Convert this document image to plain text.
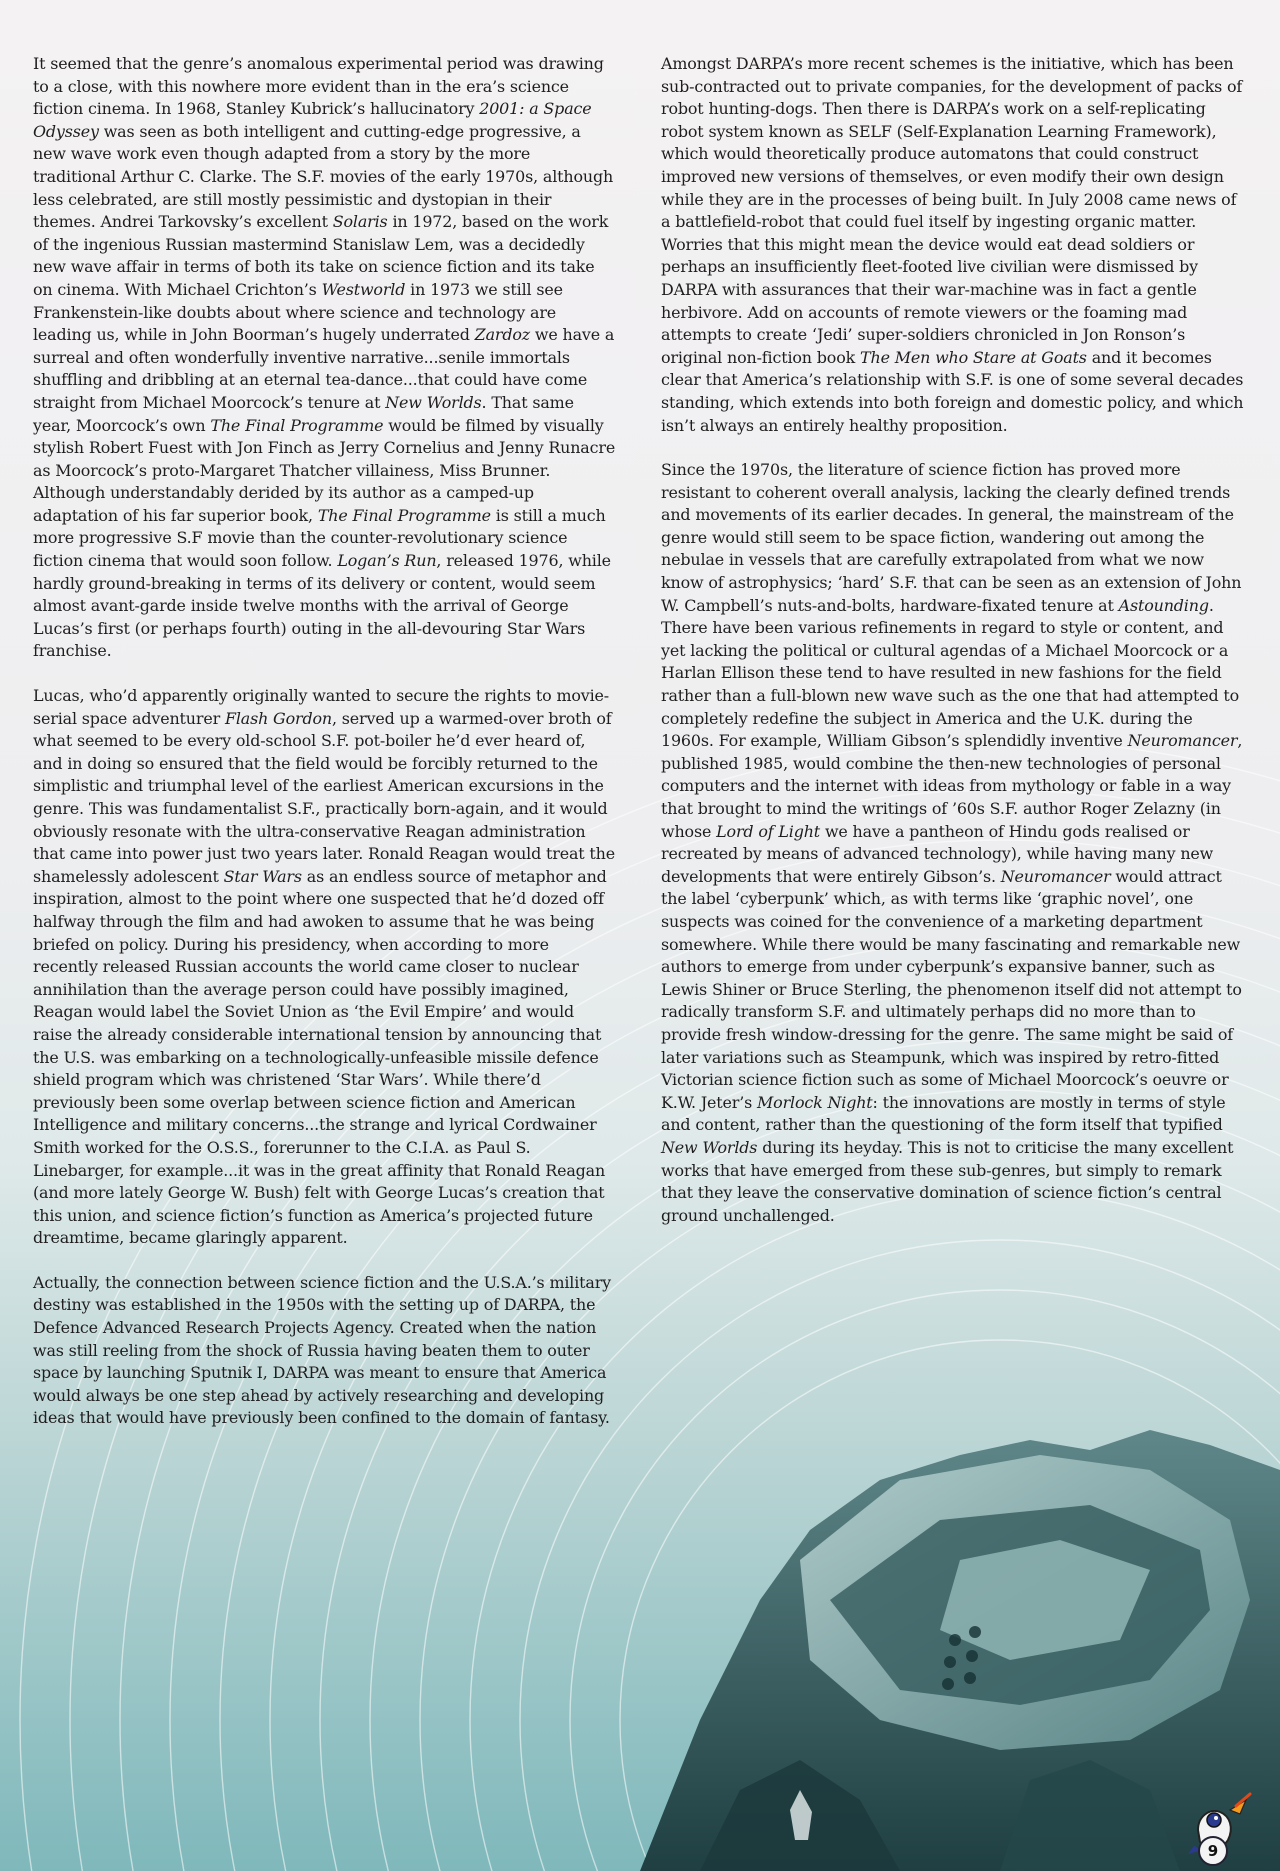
It seemed that the genre’s anomalous experimental period was drawing to a close, with this nowhere more evident than in the era’s science fiction cinema. In 1968, Stanley Kubrick’s hallucinatory 2001: a Space Odyssey was seen as both intelligent and cutting-edge progressive, a new wave work even though adapted from a story by the more traditional Arthur C. Clarke. The S.F. movies of the early 1970s, although less celebrated, are still mostly pessimistic and dystopian in their themes. Andrei Tarkovsky’s excellent Solaris in 1972, based on the work of the ingenious Russian mastermind Stanislaw Lem, was a decidedly new wave affair in terms of both its take on science fiction and its take on cinema. With Michael Crichton’s Westworld in 1973 we still see Frankenstein-like doubts about where science and technology are leading us, while in John Boorman’s hugely underrated Zardoz we have a surreal and often wonderfully inventive narrative...senile immortals shuffling and dribbling at an eternal tea-dance...that could have come straight from Michael Moorcock’s tenure at New Worlds. That same year, Moorcock’s own The Final Programme would be filmed by visually stylish Robert Fuest with Jon Finch as Jerry Cornelius and Jenny Runacre as Moorcock’s proto-Margaret Thatcher villainess, Miss Brunner. Although understandably derided by its author as a camped-up adaptation of his far superior book, The Final Programme is still a much more progressive S.F movie than the counter-revolutionary science fiction cinema that would soon follow. Logan’s Run, released 1976, while hardly ground-breaking in terms of its delivery or content, would seem almost avant-garde inside twelve months with the arrival of George Lucas’s first (or perhaps fourth) outing in the all-devouring Star Wars franchise.

Lucas, who’d apparently originally wanted to secure the rights to movie-serial space adventurer Flash Gordon, served up a warmed-over broth of what seemed to be every old-school S.F. pot-boiler he’d ever heard of, and in doing so ensured that the field would be forcibly returned to the simplistic and triumphal level of the earliest American excursions in the genre. This was fundamentalist S.F., practically born-again, and it would obviously resonate with the ultra-conservative Reagan administration that came into power just two years later. Ronald Reagan would treat the shamelessly adolescent Star Wars as an endless source of metaphor and inspiration, almost to the point where one suspected that he’d dozed off halfway through the film and had awoken to assume that he was being briefed on policy. During his presidency, when according to more recently released Russian accounts the world came closer to nuclear annihilation than the average person could have possibly imagined, Reagan would label the Soviet Union as ‘the Evil Empire’ and would raise the already considerable international tension by announcing that the U.S. was embarking on a technologically-unfeasible missile defence shield program which was christened ‘Star Wars’. While there’d previously been some overlap between science fiction and American Intelligence and military concerns...the strange and lyrical Cordwainer Smith worked for the O.S.S., forerunner to the C.I.A. as Paul S. Linebarger, for example...it was in the great affinity that Ronald Reagan (and more lately George W. Bush) felt with George Lucas’s creation that this union, and science fiction’s function as America’s projected future dreamtime, became glaringly apparent.

Actually, the connection between science fiction and the U.S.A.’s military destiny was established in the 1950s with the setting up of DARPA, the Defence Advanced Research Projects Agency. Created when the nation was still reeling from the shock of Russia having beaten them to outer space by launching Sputnik I, DARPA was meant to ensure that America would always be one step ahead by actively researching and developing ideas that would have previously been confined to the domain of fantasy.

Amongst DARPA’s more recent schemes is the initiative, which has been sub-contracted out to private companies, for the development of packs of robot hunting-dogs. Then there is DARPA’s work on a self-replicating robot system known as SELF (Self-Explanation Learning Framework), which would theoretically produce automatons that could construct improved new versions of themselves, or even modify their own design while they are in the processes of being built. In July 2008 came news of a battlefield-robot that could fuel itself by ingesting organic matter. Worries that this might mean the device would eat dead soldiers or perhaps an insufficiently fleet-footed live civilian were dismissed by DARPA with assurances that their war-machine was in fact a gentle herbivore. Add on accounts of remote viewers or the foaming mad attempts to create ‘Jedi’ super-soldiers chronicled in Jon Ronson’s original non-fiction book The Men who Stare at Goats and it becomes clear that America’s relationship with S.F. is one of some several decades standing, which extends into both foreign and domestic policy, and which isn’t always an entirely healthy proposition.

Since the 1970s, the literature of science fiction has proved more resistant to coherent overall analysis, lacking the clearly defined trends and movements of its earlier decades. In general, the mainstream of the genre would still seem to be space fiction, wandering out among the nebulae in vessels that are carefully extrapolated from what we now know of astrophysics; ‘hard’ S.F. that can be seen as an extension of John W. Campbell’s nuts-and-bolts, hardware-fixated tenure at Astounding. There have been various refinements in regard to style or content, and yet lacking the political or cultural agendas of a Michael Moorcock or a Harlan Ellison these tend to have resulted in new fashions for the field rather than a full-blown new wave such as the one that had attempted to completely redefine the subject in America and the U.K. during the 1960s. For example, William Gibson’s splendidly inventive Neuromancer, published 1985, would combine the then-new technologies of personal computers and the internet with ideas from mythology or fable in a way that brought to mind the writings of ’60s S.F. author Roger Zelazny (in whose Lord of Light we have a pantheon of Hindu gods realised or recreated by means of advanced technology), while having many new developments that were entirely Gibson’s. Neuromancer would attract the label ‘cyberpunk’ which, as with terms like ‘graphic novel’, one suspects was coined for the convenience of a marketing department somewhere. While there would be many fascinating and remarkable new authors to emerge from under cyberpunk’s expansive banner, such as Lewis Shiner or Bruce Sterling, the phenomenon itself did not attempt to radically transform S.F. and ultimately perhaps did no more than to provide fresh window-dressing for the genre. The same might be said of later variations such as Steampunk, which was inspired by retro-fitted Victorian science fiction such as some of Michael Moorcock’s oeuvre or K.W. Jeter’s Morlock Night: the innovations are mostly in terms of style and content, rather than the questioning of the form itself that typified New Worlds during its heyday. This is not to criticise the many excellent works that have emerged from these sub-genres, but simply to remark that they leave the conservative domination of science fiction’s central ground unchallenged.

9
